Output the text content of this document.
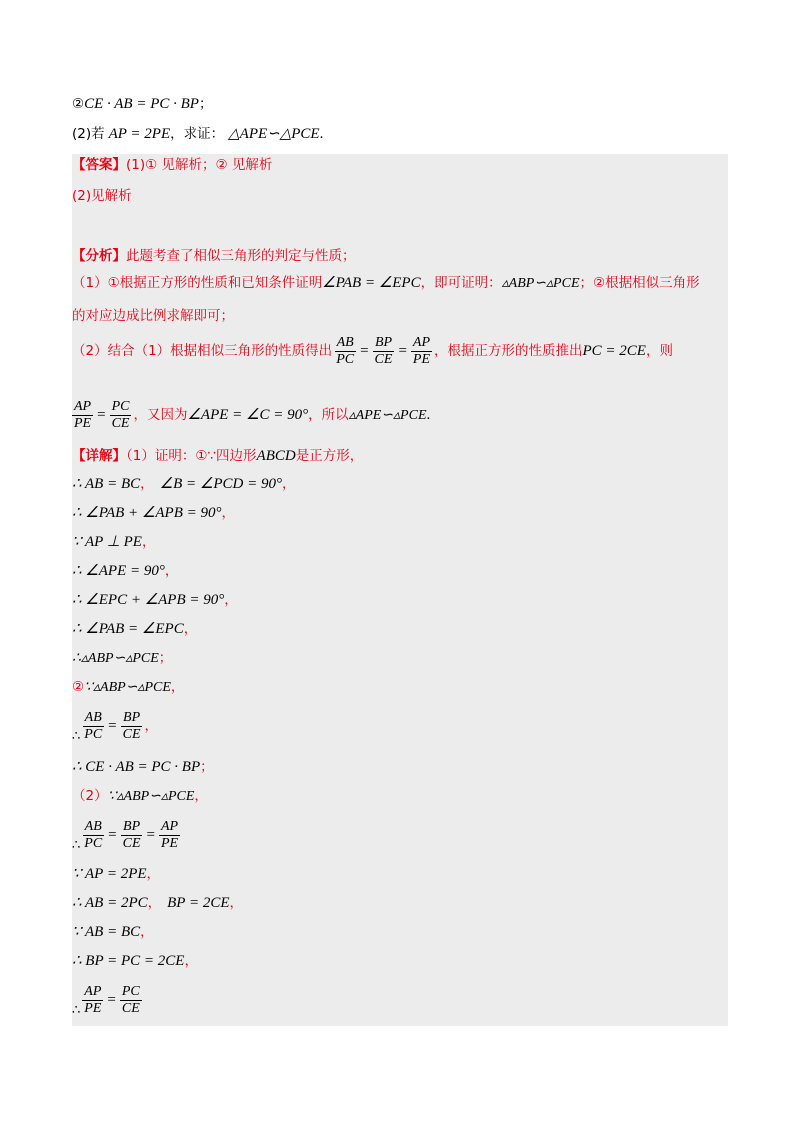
②CE · AB = PC · BP；
(2)若 AP = 2PE，求证： △APE∽△PCE.
【答案】(1)① 见解析；② 见解析
(2)见解析
【分析】此题考查了相似三角形的判定与性质；
（1）①根据正方形的性质和已知条件证明∠PAB = ∠EPC，即可证明：▵ABP∽▵PCE；②根据相似三角形
的对应边成比例求解即可；
（2）结合（1）根据相似三角形的性质得出 $\frac{AB}{PC} = \frac{BP}{CE} = \frac{AP}{PE}$ ，根据正方形的性质推出PC = 2CE，则
$\frac{AP}{PE} = \frac{PC}{CE}$ ，又因为∠APE = ∠C = 90°，所以▵APE∽▵PCE.
【详解】（1）证明：①∵四边形ABCD是正方形，
∴ AB = BC， ∠B = ∠PCD = 90°，
∴ ∠PAB + ∠APB = 90°，
∵ AP ⊥ PE，
∴ ∠APE = 90°，
∴ ∠EPC + ∠APB = 90°，
∴ ∠PAB = ∠EPC，
∴▵ABP∽▵PCE；
②∵▵ABP∽▵PCE，
∴ $\frac{AB}{PC} = \frac{BP}{CE}$ ，
∴ CE · AB = PC · BP；
（2）∵▵ABP∽▵PCE，
∴ $\frac{AB}{PC} = \frac{BP}{CE} = \frac{AP}{PE}$
∵ AP = 2PE，
∴ AB = 2PC， BP = 2CE，
∵ AB = BC，
∴ BP = PC = 2CE，
∴ $\frac{AP}{PE} = \frac{PC}{CE}$
